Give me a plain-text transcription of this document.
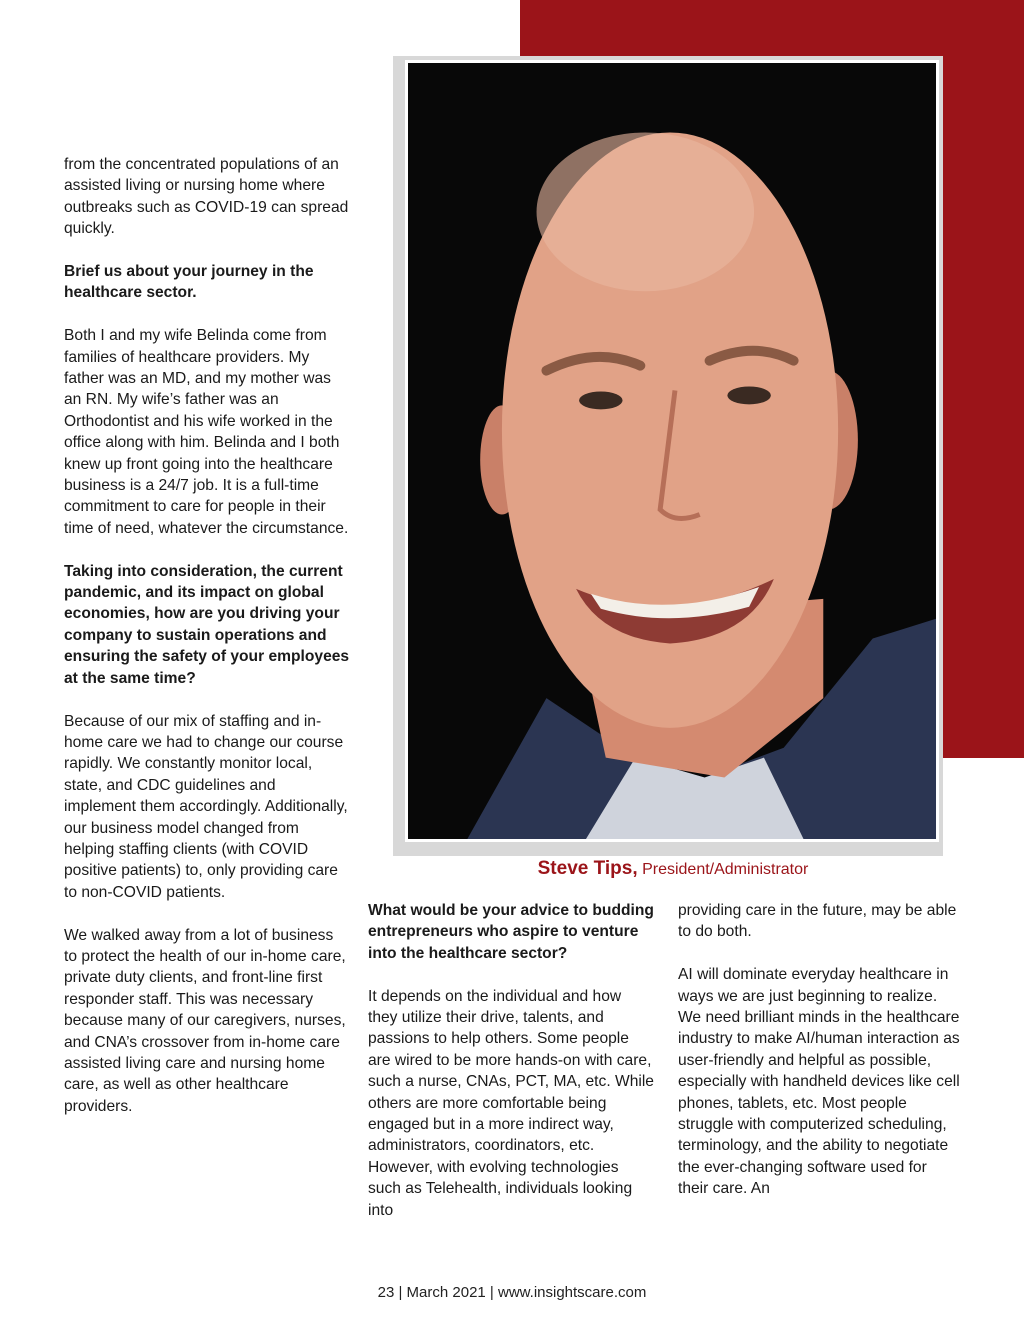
Steve Tips, President/Administrator

from the concentrated populations of an assisted living or nursing home where outbreaks such as COVID-19 can spread quickly.

Brief us about your journey in the healthcare sector.

Both I and my wife Belinda come from families of healthcare providers. My father was an MD, and my mother was an RN. My wife’s father was an Orthodontist and his wife worked in the office along with him. Belinda and I both knew up front going into the healthcare business is a 24/7 job. It is a full-time commitment to care for people in their time of need, whatever the circumstance.

Taking into consideration, the current pandemic, and its impact on global economies, how are you driving your company to sustain operations and ensuring the safety of your employees at the same time?

Because of our mix of staffing and in-home care we had to change our course rapidly. We constantly monitor local, state, and CDC guidelines and implement them accordingly. Additionally, our business model changed from helping staffing clients (with COVID positive patients) to, only providing care to non-COVID patients.

We walked away from a lot of business to protect the health of our in-home care, private duty clients, and front-line first responder staff. This was necessary because many of our caregivers, nurses, and CNA’s crossover from in-home care assisted living care and nursing home care, as well as other healthcare providers.

What would be your advice to budding entrepreneurs who aspire to venture into the healthcare sector?

It depends on the individual and how they utilize their drive, talents, and passions to help others. Some people are wired to be more hands-on with care, such a nurse, CNAs, PCT, MA, etc. While others are more comfortable being engaged but in a more indirect way, administrators, coordinators, etc. However, with evolving technologies such as Telehealth, individuals looking into

providing care in the future, may be able to do both.

AI will dominate everyday healthcare in ways we are just beginning to realize. We need brilliant minds in the healthcare industry to make AI/human interaction as user-friendly and helpful as possible, especially with handheld devices like cell phones, tablets, etc. Most people struggle with computerized scheduling, terminology, and the ability to negotiate the ever-changing software used for their care. An

23 | March 2021 | www.insightscare.com
